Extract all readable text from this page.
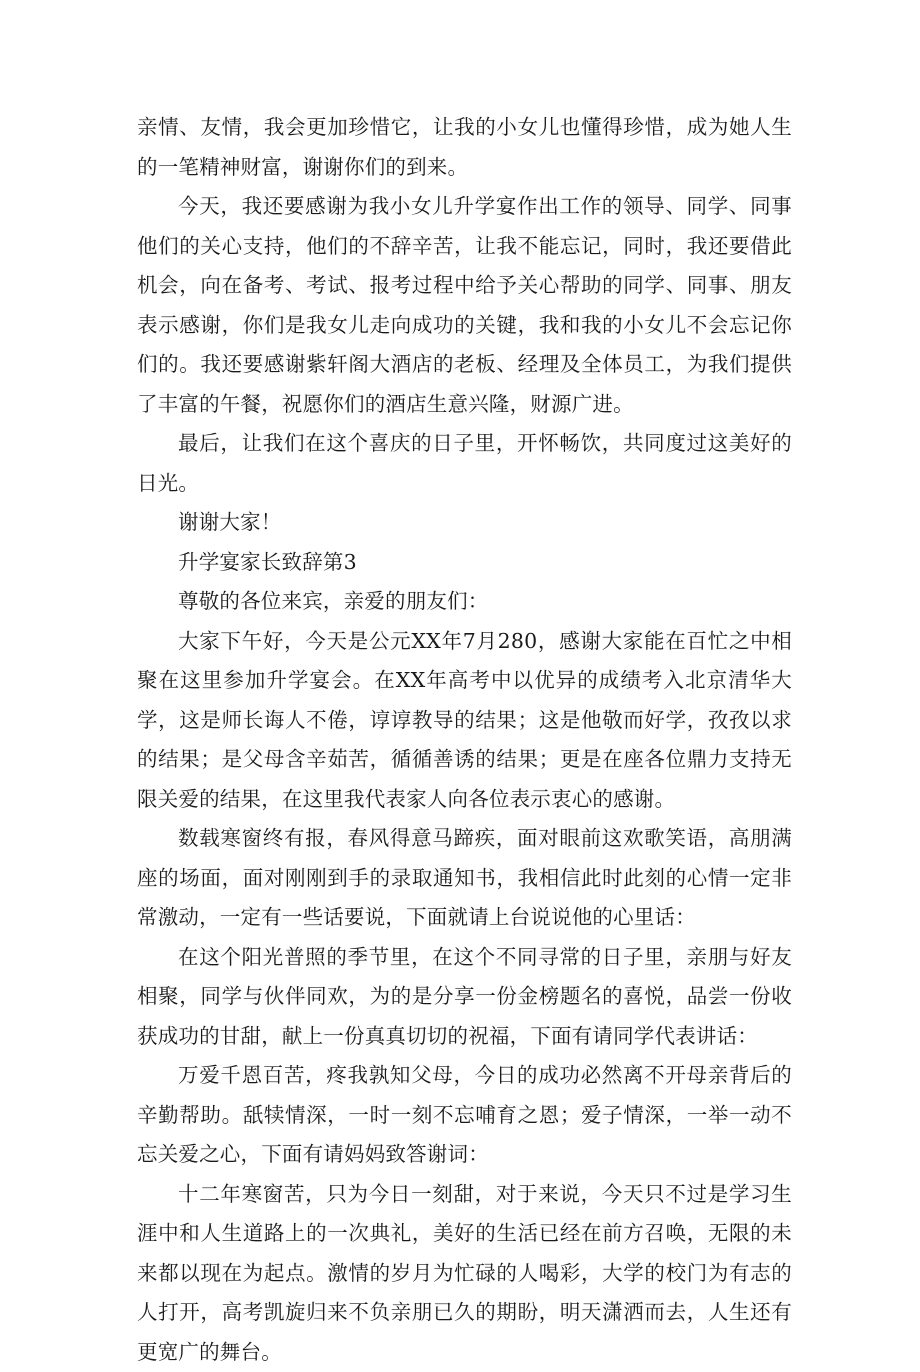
亲情、友情，我会更加珍惜它，让我的小女儿也懂得珍惜，成为她人生的一笔精神财富，谢谢你们的到来。

今天，我还要感谢为我小女儿升学宴作出工作的领导、同学、同事他们的关心支持，他们的不辞辛苦，让我不能忘记，同时，我还要借此机会，向在备考、考试、报考过程中给予关心帮助的同学、同事、朋友表示感谢，你们是我女儿走向成功的关键，我和我的小女儿不会忘记你们的。我还要感谢紫轩阁大酒店的老板、经理及全体员工，为我们提供了丰富的午餐，祝愿你们的酒店生意兴隆，财源广进。

最后，让我们在这个喜庆的日子里，开怀畅饮，共同度过这美好的日光。

谢谢大家！

升学宴家长致辞第3

尊敬的各位来宾，亲爱的朋友们：

大家下午好，今天是公元XX年7月280，感谢大家能在百忙之中相聚在这里参加升学宴会。在XX年高考中以优异的成绩考入北京清华大学，这是师长诲人不倦，谆谆教导的结果；这是他敬而好学，孜孜以求的结果；是父母含辛茹苦，循循善诱的结果；更是在座各位鼎力支持无限关爱的结果，在这里我代表家人向各位表示衷心的感谢。

数载寒窗终有报，春风得意马蹄疾，面对眼前这欢歌笑语，高朋满座的场面，面对刚刚到手的录取通知书，我相信此时此刻的心情一定非常激动，一定有一些话要说，下面就请上台说说他的心里话：

在这个阳光普照的季节里，在这个不同寻常的日子里，亲朋与好友相聚，同学与伙伴同欢，为的是分享一份金榜题名的喜悦，品尝一份收获成功的甘甜，献上一份真真切切的祝福，下面有请同学代表讲话：

万爱千恩百苦，疼我孰知父母，今日的成功必然离不开母亲背后的辛勤帮助。舐犊情深，一时一刻不忘哺育之恩；爱子情深，一举一动不忘关爱之心，下面有请妈妈致答谢词：

十二年寒窗苦，只为今日一刻甜，对于来说，今天只不过是学习生涯中和人生道路上的一次典礼，美好的生活已经在前方召唤，无限的未来都以现在为起点。激情的岁月为忙碌的人喝彩，大学的校门为有志的人打开，高考凯旋归来不负亲朋已久的期盼，明天潇洒而去，人生还有更宽广的舞台。
